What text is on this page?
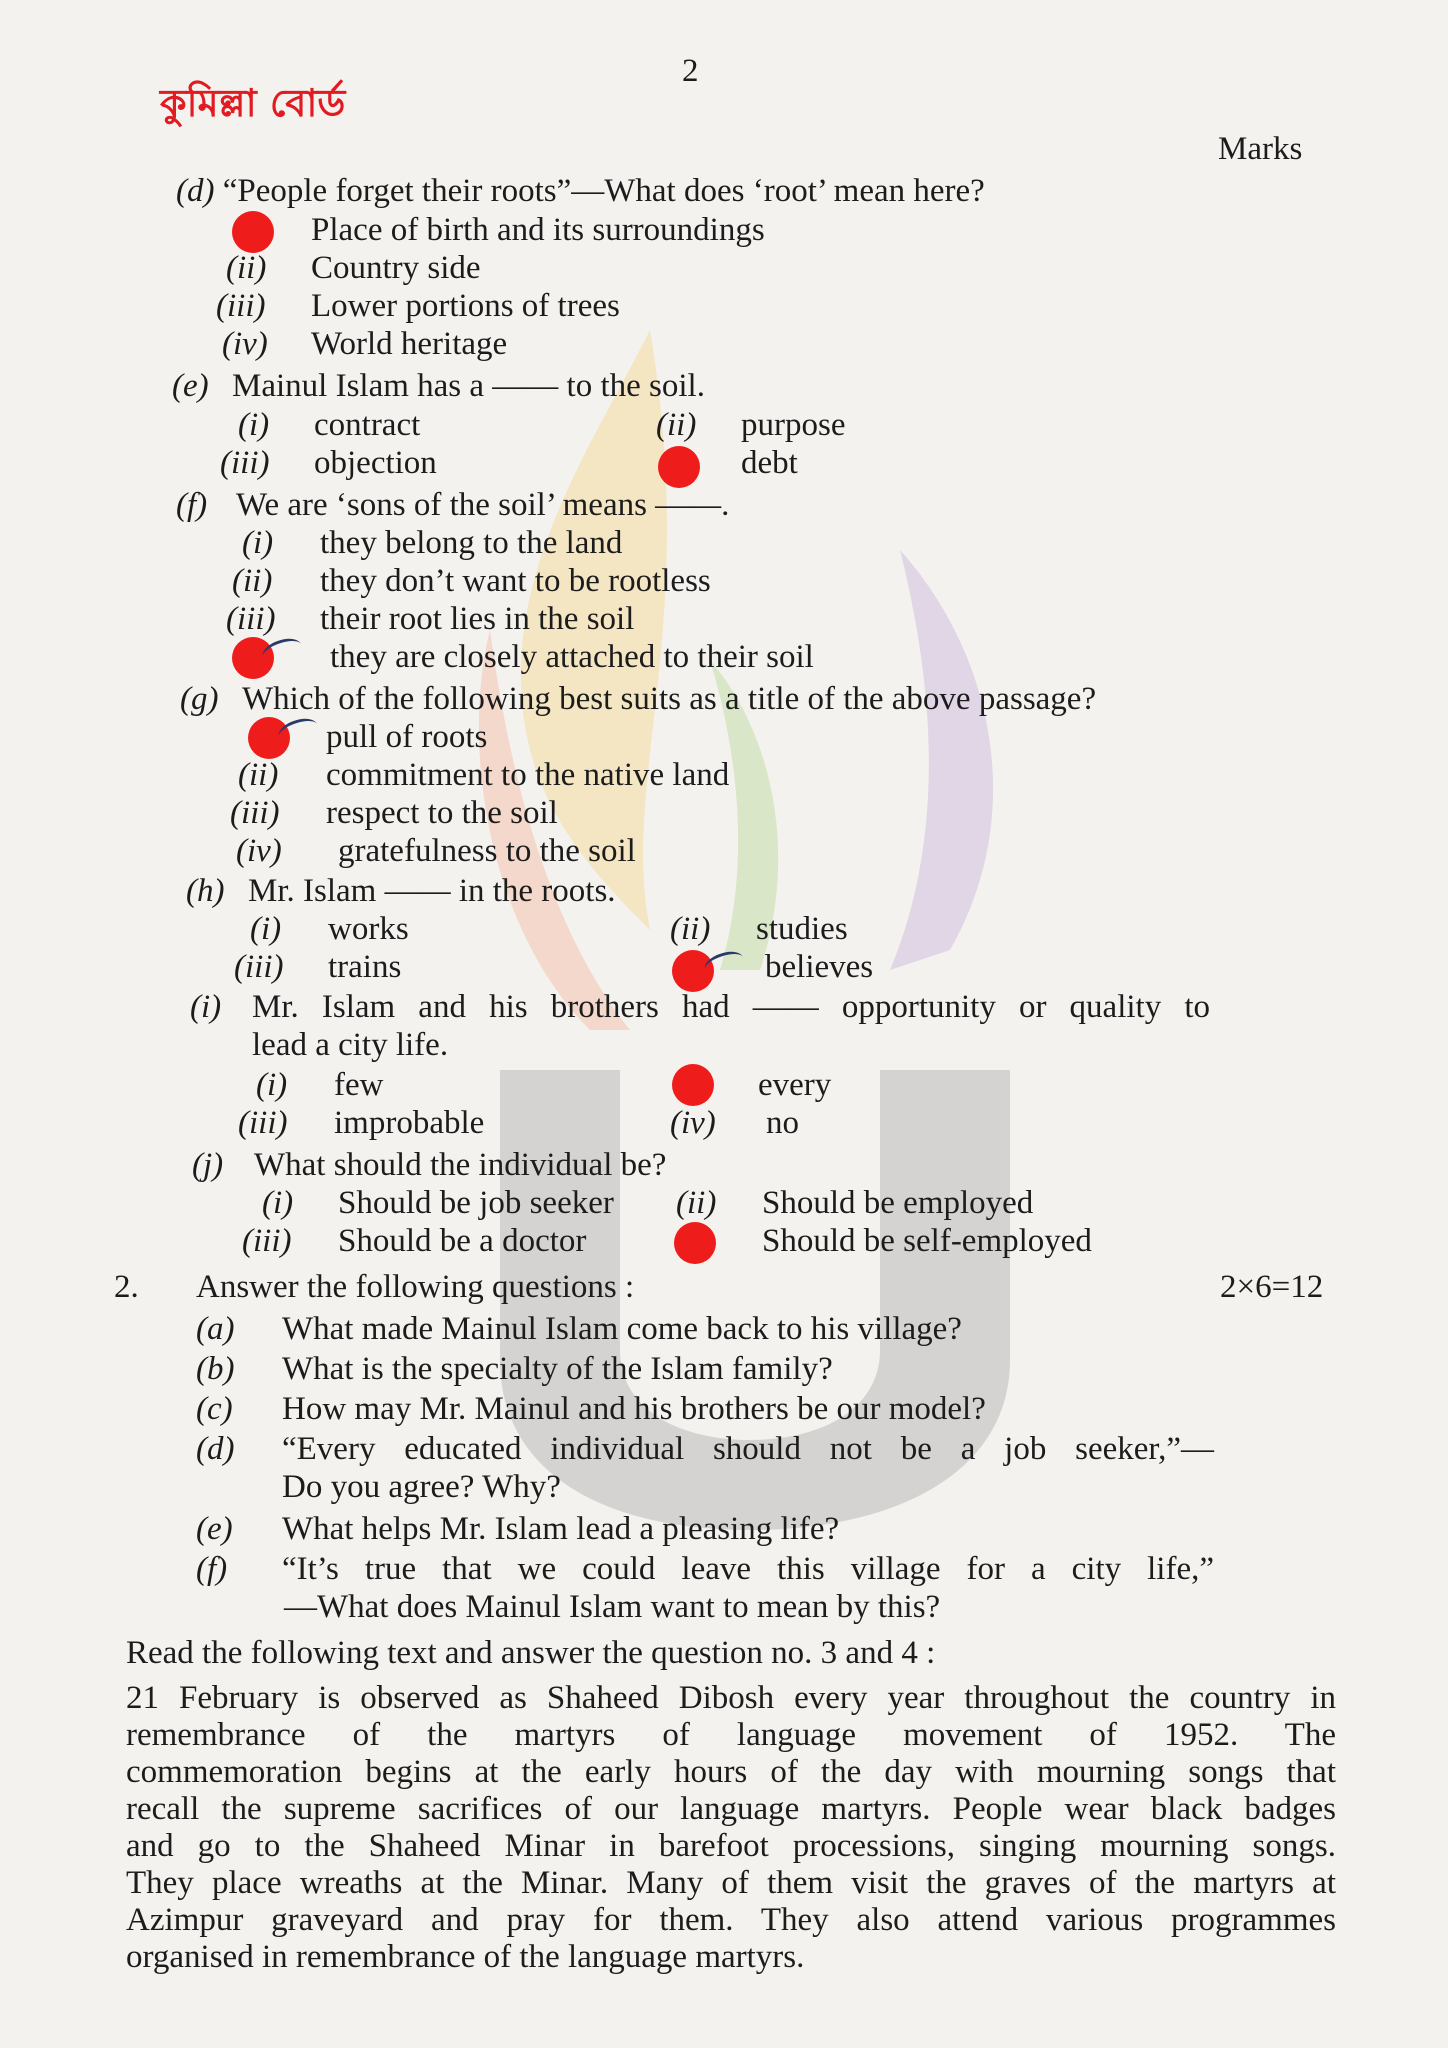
কুমিল্লা বোর্ড
2
Marks
(d) “People forget their roots”—What does ‘root’ mean here?
Place of birth and its surroundings
(ii) Country side
(iii) Lower portions of trees
(iv) World heritage
(e) Mainul Islam has a —— to the soil.
(i) contract	(ii) purpose
(iii) objection	debt
(f) We are ‘sons of the soil’ means ——.
(i) they belong to the land
(ii) they don’t want to be rootless
(iii) their root lies in the soil
they are closely attached to their soil
(g) Which of the following best suits as a title of the above passage?
pull of roots
(ii) commitment to the native land
(iii) respect to the soil
(iv) gratefulness to the soil
(h) Mr. Islam —— in the roots.
(i) works	(ii) studies
(iii) trains	believes
(i) Mr. Islam and his brothers had —— opportunity or quality to
lead a city life.
(i) few	every
(iii) improbable	(iv) no
(j) What should the individual be?
(i) Should be job seeker (ii) Should be employed
(iii) Should be a doctor	Should be self-employed
2. Answer the following questions :	2×6=12
(a) What made Mainul Islam come back to his village?
(b) What is the specialty of the Islam family?
(c) How may Mr. Mainul and his brothers be our model?
(d) “Every educated individual should not be a job seeker,”—
Do you agree? Why?
(e) What helps Mr. Islam lead a pleasing life?
(f) “It’s true that we could leave this village for a city life,”
—What does Mainul Islam want to mean by this?
Read the following text and answer the question no. 3 and 4 :

21 February is observed as Shaheed Dibosh every year throughout the country in

remembrance of the martyrs of language movement of 1952. The

commemoration begins at the early hours of the day with mourning songs that

recall the supreme sacrifices of our language martyrs. People wear black badges

and go to the Shaheed Minar in barefoot processions, singing mourning songs.

They place wreaths at the Minar. Many of them visit the graves of the martyrs at

Azimpur graveyard and pray for them. They also attend various programmes

organised in remembrance of the language martyrs.
